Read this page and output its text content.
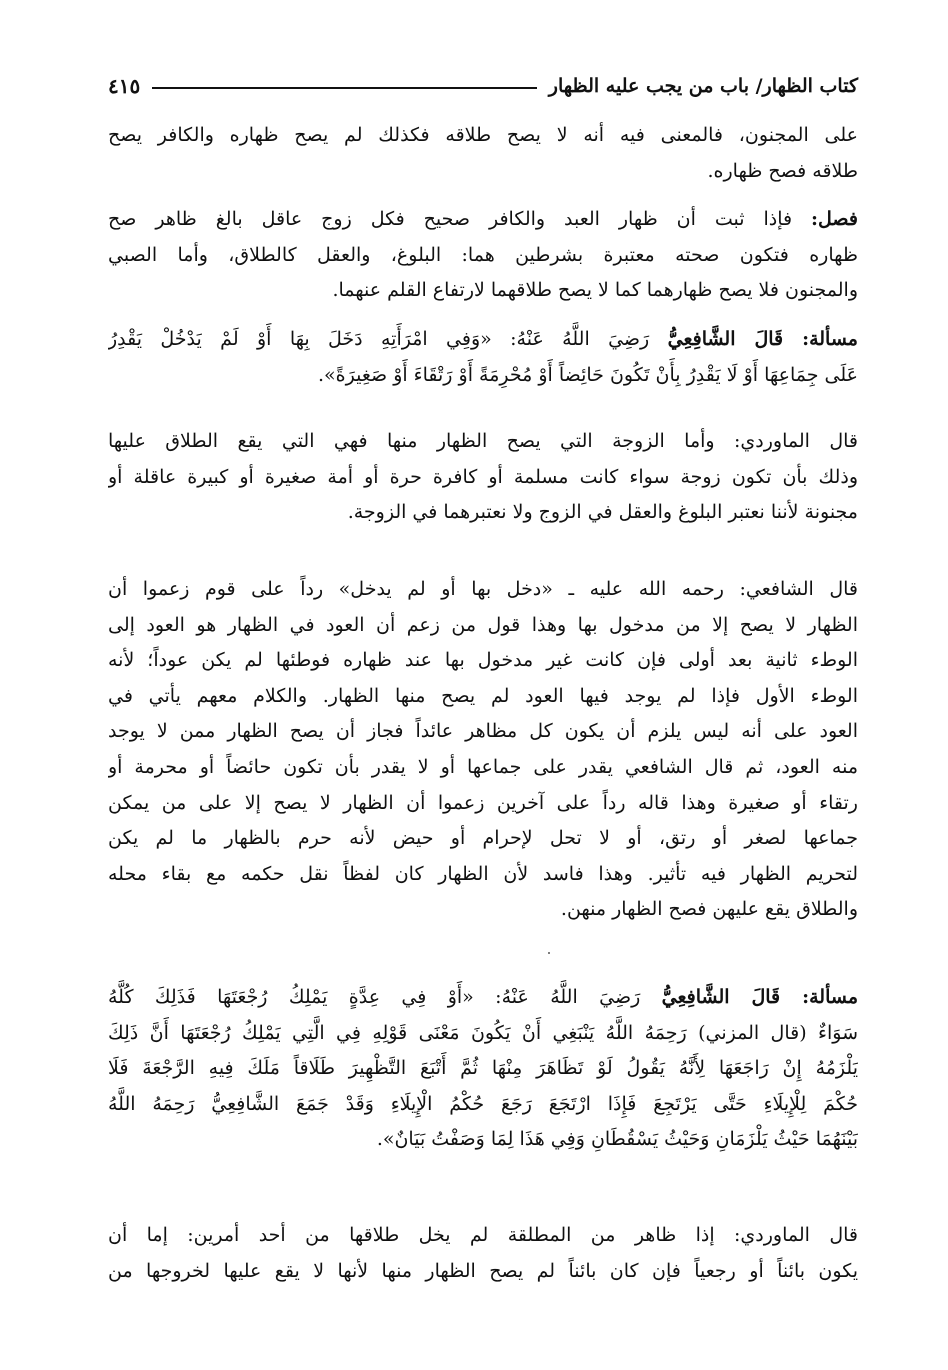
كتاب الظهار/ باب من يجب عليه الظهار
٤١٥
على المجنون، فالمعنى فيه أنه لا يصح طلاقه فكذلك لم يصح ظهاره والكافر يصح
طلاقه فصح ظهاره.
فصل: فإذا ثبت أن ظهار العبد والكافر صحيح فكل زوج عاقل بالغ ظاهر صح
ظهاره فتكون صحته معتبرة بشرطين هما: البلوغ، والعقل كالطلاق، وأما الصبي
والمجنون فلا يصح ظهارهما كما لا يصح طلاقهما لارتفاع القلم عنهما.
مسألة: قَالَ الشَّافِعِيُّ رَضِيَ اللَّهُ عَنْهُ: «وَفِي امْرَأَتِهِ دَخَلَ بِهَا أَوْ لَمْ يَدْخُلْ يَقْدِرُ
عَلَى جِمَاعِهَا أَوْ لَا يَقْدِرُ بِأَنْ تَكُونَ حَائِضاً أَوْ مُحْرِمَةً أَوْ رَتْقَاءَ أَوْ صَغِيرَةً».
قال الماوردي: وأما الزوجة التي يصح الظهار منها فهي التي يقع الطلاق عليها
وذلك بأن تكون زوجة سواء كانت مسلمة أو كافرة حرة أو أمة صغيرة أو كبيرة عاقلة أو
مجنونة لأننا نعتبر البلوغ والعقل في الزوج ولا نعتبرهما في الزوجة.
قال الشافعي: رحمه الله عليه ـ «دخل بها أو لم يدخل» رداً على قوم زعموا أن
الظهار لا يصح إلا من مدخول بها وهذا قول من زعم أن العود في الظهار هو العود إلى
الوطء ثانية بعد أولى فإن كانت غير مدخول بها عند ظهاره فوطئها لم يكن عوداً؛ لأنه
الوطء الأول فإذا لم يوجد فيها العود لم يصح منها الظهار. والكلام معهم يأتي في
العود على أنه ليس يلزم أن يكون كل مظاهر عائداً فجاز أن يصح الظهار ممن لا يوجد
منه العود، ثم قال الشافعي يقدر على جماعها أو لا يقدر بأن تكون حائضاً أو محرمة أو
رتقاء أو صغيرة وهذا قاله رداً على آخرين زعموا أن الظهار لا يصح إلا على من يمكن
جماعها لصغر أو رتق، أو لا تحل لإحرام أو حيض لأنه حرم بالظهار ما لم يكن
لتحريم الظهار فيه تأثير. وهذا فاسد لأن الظهار كان لفظاً نقل حكمه مع بقاء محله
والطلاق يقع عليهن فصح الظهار منهن.
مسألة: قَالَ الشَّافِعِيُّ رَضِيَ اللَّهُ عَنْهُ: «أَوْ فِي عِدَّةٍ يَمْلِكُ رُجْعَتَهَا فَذَلِكَ كُلَّهُ
سَوَاءٌ (قال المزني) رَحِمَهُ اللَّهُ يَنْبَغِي أَنْ يَكُونَ مَعْنَى قَوْلِهِ فِي الَّتِي يَمْلِكُ رُجْعَتَهَا أَنَّ ذَلِكَ
يَلْزَمُهُ إِنْ رَاجَعَهَا لِأَنَّهُ يَقُولُ لَوْ تَظَاهَرَ مِنْهَا ثُمَّ أَتْبَعَ التَّظْهِيرَ طَلَاقاً مَلَكَ فِيهِ الرَّجْعَةَ فَلَا
حُكْمَ لِلْإِيلَاءِ حَتَّى يَرْتَجِعَ فَإِذَا ارْتَجَعَ رَجَعَ حُكْمُ الْإِيلَاءِ وَقَدْ جَمَعَ الشَّافِعِيُّ رَحِمَهُ اللَّهُ
بَيْنَهُمَا حَيْثُ يَلْزَمَانِ وَحَيْثُ يَسْقُطَانِ وَفِي هَذَا لِمَا وَصَفْتُ بَيَانٌ».
قال الماوردي: إذا ظاهر من المطلقة لم يخل طلاقها من أحد أمرين: إما أن
يكون بائناً أو رجعياً فإن كان بائناً لم يصح الظهار منها لأنها لا يقع عليها لخروجها من
